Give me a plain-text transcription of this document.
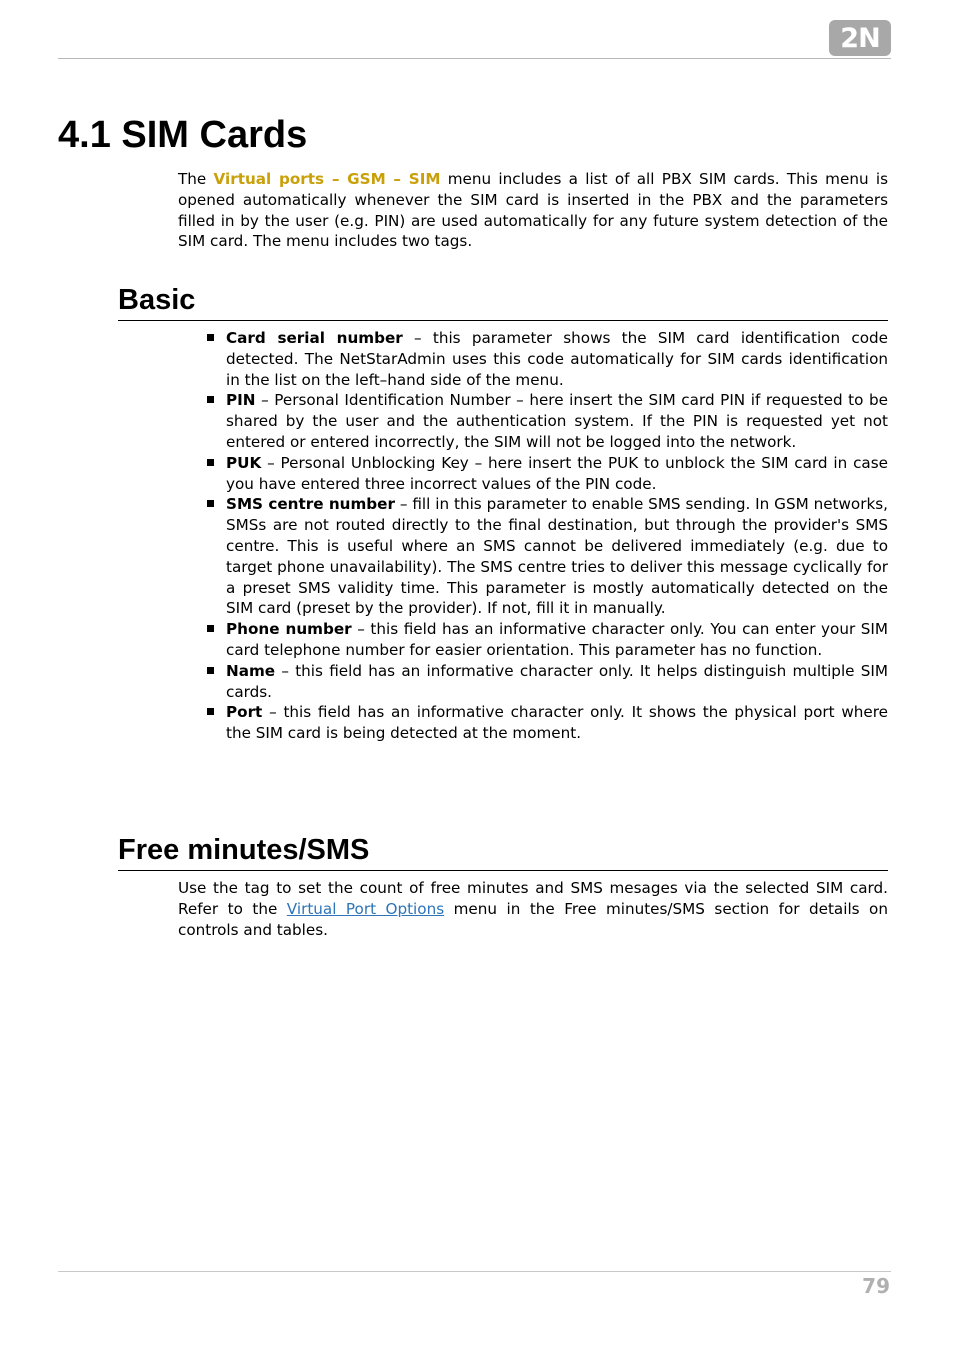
2N
4.1 SIM Cards

The Virtual ports – GSM – SIM menu includes a list of all PBX SIM cards. This menu is opened automatically whenever the SIM card is inserted in the PBX and the parameters filled in by the user (e.g. PIN) are used automatically for any future system detection of the SIM card. The menu includes two tags.

Basic
Card serial number – this parameter shows the SIM card identification code detected. The NetStarAdmin uses this code automatically for SIM cards identification in the list on the left–hand side of the menu.
PIN – Personal Identification Number – here insert the SIM card PIN if requested to be shared by the user and the authentication system. If the PIN is requested yet not entered or entered incorrectly, the SIM will not be logged into the network.
PUK – Personal Unblocking Key – here insert the PUK to unblock the SIM card in case you have entered three incorrect values of the PIN code.
SMS centre number – fill in this parameter to enable SMS sending. In GSM networks, SMSs are not routed directly to the final destination, but through the provider's SMS centre. This is useful where an SMS cannot be delivered immediately (e.g. due to target phone unavailability). The SMS centre tries to deliver this message cyclically for a preset SMS validity time. This parameter is mostly automatically detected on the SIM card (preset by the provider). If not, fill it in manually.
Phone number – this field has an informative character only. You can enter your SIM card telephone number for easier orientation. This parameter has no function.
Name – this field has an informative character only. It helps distinguish multiple SIM cards.
Port – this field has an informative character only. It shows the physical port where the SIM card is being detected at the moment.
Free minutes/SMS

Use the tag to set the count of free minutes and SMS mesages via the selected SIM card. Refer to the Virtual Port Options menu in the Free minutes/SMS section for details on controls and tables.

79
